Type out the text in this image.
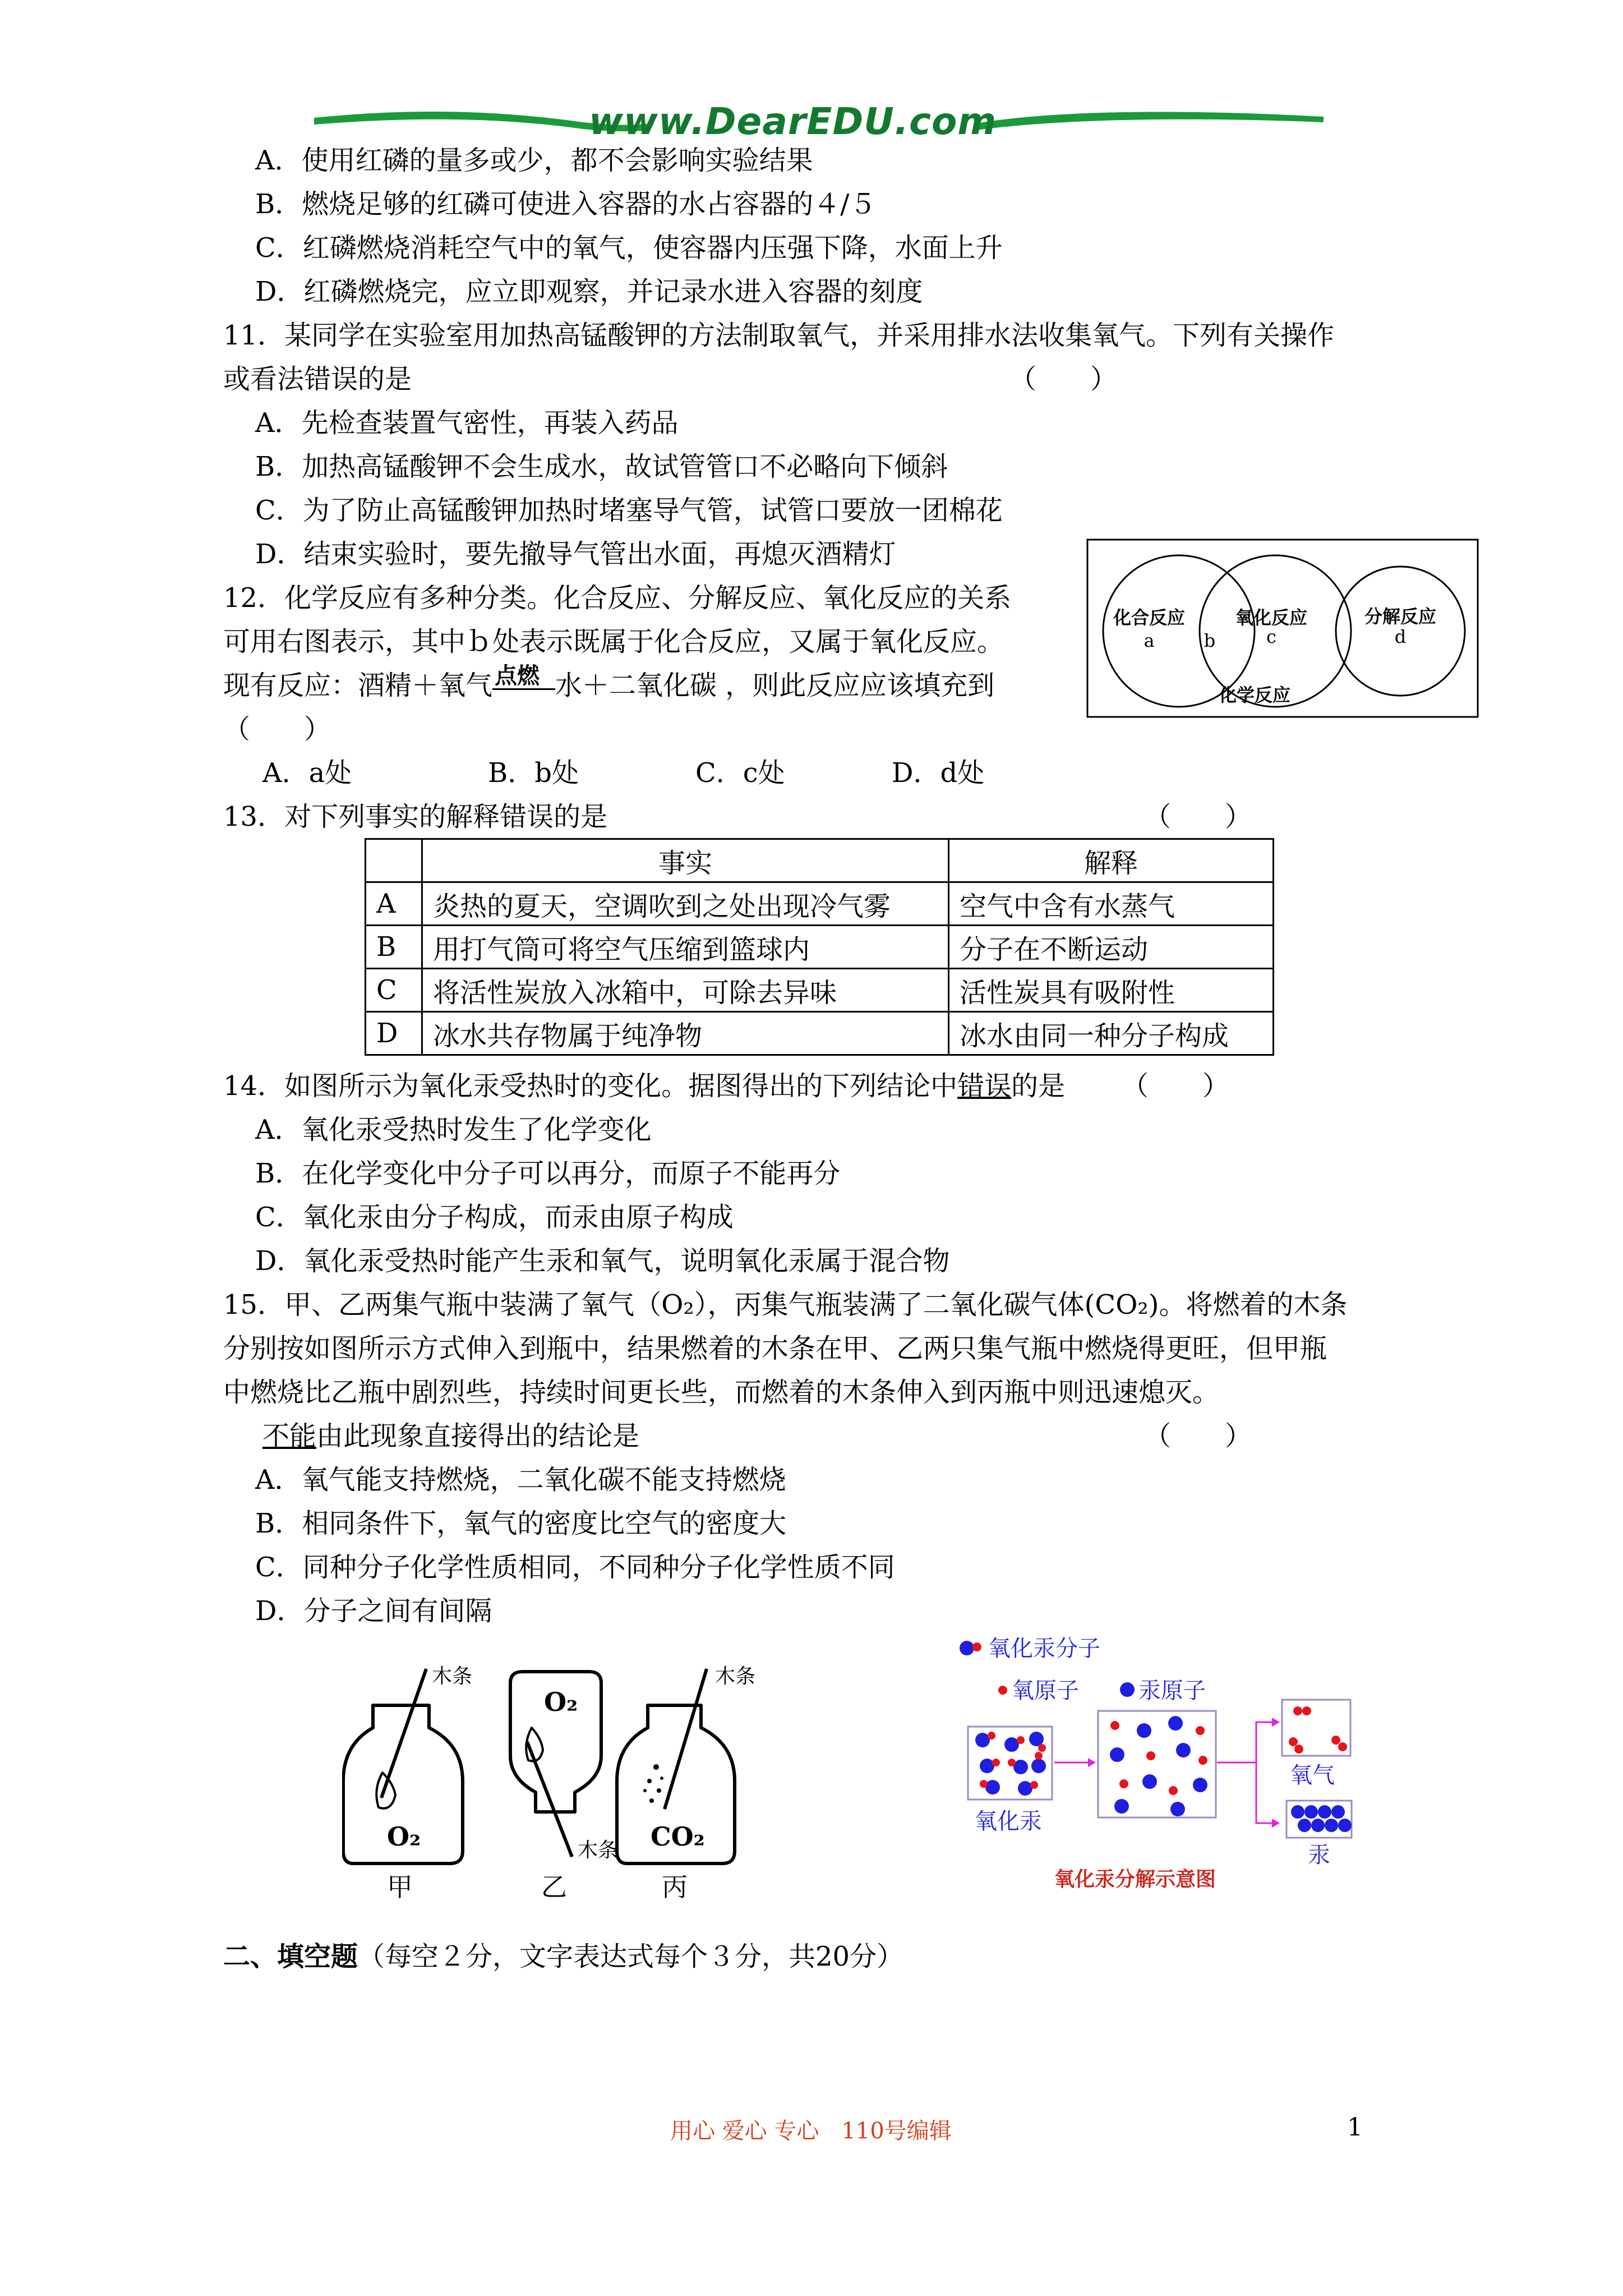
www.DearEDU.com
A．使用红磷的量多或少，都不会影响实验结果
B．燃烧足够的红磷可使进入容器的水占容器的４/５
C．红磷燃烧消耗空气中的氧气，使容器内压强下降，水面上升
D．红磷燃烧完，应立即观察，并记录水进入容器的刻度
11．某同学在实验室用加热高锰酸钾的方法制取氧气，并采用排水法收集氧气。下列有关操作
或看法错误的是	（　　）
A．先检查装置气密性，再装入药品
B．加热高锰酸钾不会生成水，故试管管口不必略向下倾斜
C．为了防止高锰酸钾加热时堵塞导气管，试管口要放一团棉花
D．结束实验时，要先撤导气管出水面，再熄灭酒精灯
12．化学反应有多种分类。化合反应、分解反应、氧化反应的关系
可用右图表示，其中ｂ处表示既属于化合反应，又属于氧化反应。
现有反应：酒精＋氧气 点燃 水＋二氧化碳 ，则此反应应该填充到
（　　）
A．a处	B．b处	C．c处	D．d处
化合反应
a	b
氧化反应
c
分解反应
d
化学反应
13．对下列事实的解释错误的是	（　　）
	事实	解释
A	炎热的夏天，空调吹到之处出现冷气雾	空气中含有水蒸气
B	用打气筒可将空气压缩到篮球内	分子在不断运动
C	将活性炭放入冰箱中，可除去异味	活性炭具有吸附性
D	冰水共存物属于纯净物	冰水由同一种分子构成
14．如图所示为氧化汞受热时的变化。据图得出的下列结论中错误的是 （　　）
A．氧化汞受热时发生了化学变化
B．在化学变化中分子可以再分，而原子不能再分
C．氧化汞由分子构成，而汞由原子构成
D．氧化汞受热时能产生汞和氧气，说明氧化汞属于混合物
15．甲、乙两集气瓶中装满了氧气（O₂），丙集气瓶装满了二氧化碳气体(CO₂)。将燃着的木条
分别按如图所示方式伸入到瓶中，结果燃着的木条在甲、乙两只集气瓶中燃烧得更旺，但甲瓶
中燃烧比乙瓶中剧烈些，持续时间更长些，而燃着的木条伸入到丙瓶中则迅速熄灭。
不能由此现象直接得出的结论是	（　　）
A．氧气能支持燃烧，二氧化碳不能支持燃烧
B．相同条件下，氧气的密度比空气的密度大
C．同种分子化学性质相同，不同种分子化学性质不同
D．分子之间有间隔
木条	木条
木条
O₂
O₂
CO₂
甲	乙	丙
氧化汞分子
氧原子	汞原子
氧化汞
氧气
汞
氧化汞分解示意图
二、填空题（每空２分，文字表达式每个３分，共20分）
用心 爱心 专心　110号编辑	1
